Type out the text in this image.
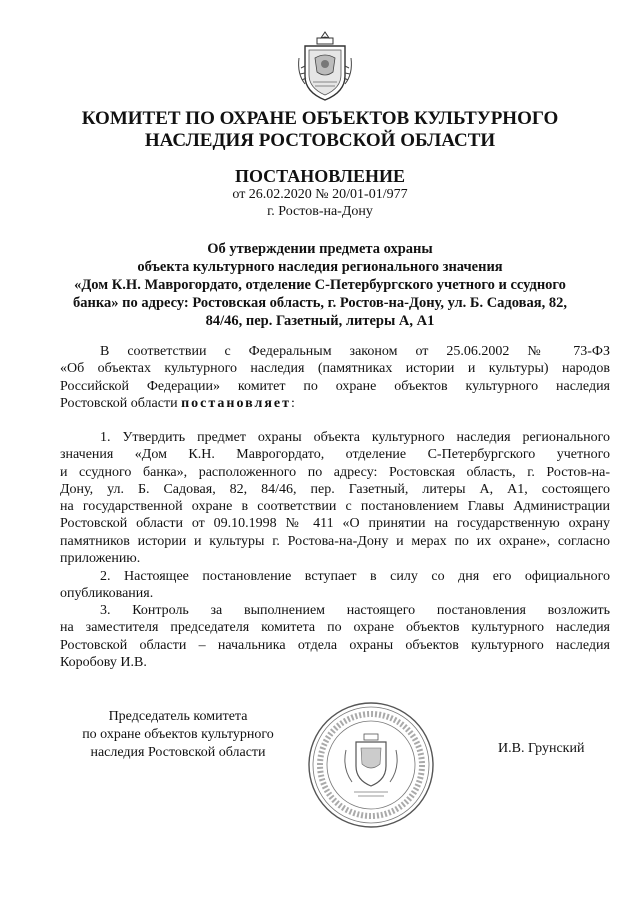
КОМИТЕТ ПО ОХРАНЕ ОБЪЕКТОВ КУЛЬТУРНОГО
НАСЛЕДИЯ РОСТОВСКОЙ ОБЛАСТИ
ПОСТАНОВЛЕНИЕ
от 26.02.2020 № 20/01-01/977
г. Ростов-на-Дону
Об утверждении предмета охраны
объекта культурного наследия регионального значения
«Дом К.Н. Маврогордато, отделение С-Петербургского учетного и ссудного
банка» по адресу: Ростовская область, г. Ростов-на-Дону, ул. Б. Садовая, 82,
84/46, пер. Газетный, литеры А, А1
В соответствии с Федеральным законом от 25.06.2002 № 73-ФЗ
«Об объектах культурного наследия (памятниках истории и культуры) народов
Российской Федерации» комитет по охране объектов культурного наследия
Ростовской области постановляет:
1. Утвердить предмет охраны объекта культурного наследия регионального
значения «Дом К.Н. Маврогордато, отделение С-Петербургского учетного
и ссудного банка», расположенного по адресу: Ростовская область, г. Ростов-на-
Дону, ул. Б. Садовая, 82, 84/46, пер. Газетный, литеры А, А1, состоящего
на государственной охране в соответствии с постановлением Главы Администрации
Ростовской области от 09.10.1998 № 411 «О принятии на государственную охрану
памятников истории и культуры г. Ростова-на-Дону и мерах по их охране», согласно
приложению.
2. Настоящее постановление вступает в силу со дня его официального
опубликования.
3. Контроль за выполнением настоящего постановления возложить
на заместителя председателя комитета по охране объектов культурного наследия
Ростовской области – начальника отдела охраны объектов культурного наследия
Коробову И.В.
Председатель комитета
по охране объектов культурного
наследия Ростовской области	И.В. Грунский
